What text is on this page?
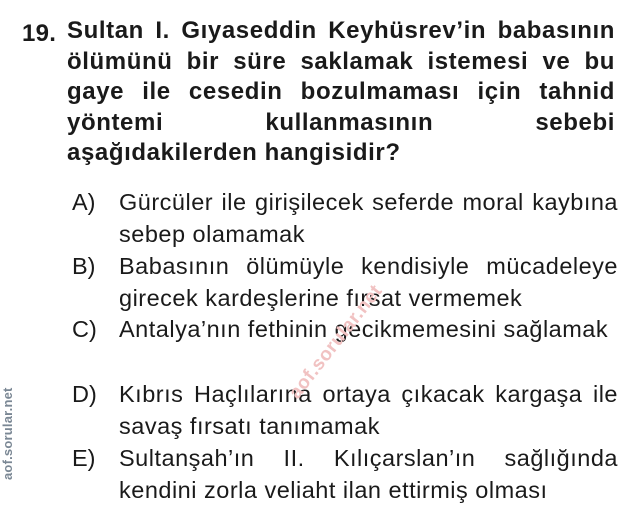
19. Sultan I. Gıyaseddin Keyhüsrev’in babasının ölümünü bir süre saklamak istemesi ve bu gaye ile cesedin bozulmaması için tahnid yöntemi kullanmasının sebebi aşağıdakilerden hangisidir?
A) Gürcüler ile girişilecek seferde moral kaybına sebep olamamak
B) Babasının ölümüyle kendisiyle mücadeleye girecek kardeşlerine fırsat vermemek
C) Antalya’nın fethinin gecikmemesini sağlamak
D) Kıbrıs Haçlılarına ortaya çıkacak kargaşa ile savaş fırsatı tanımamak
E) Sultanşah’ın II. Kılıçarslan’ın sağlığında kendini zorla veliaht ilan ettirmiş olması
aof.sorular.net
aof.sorular.net
